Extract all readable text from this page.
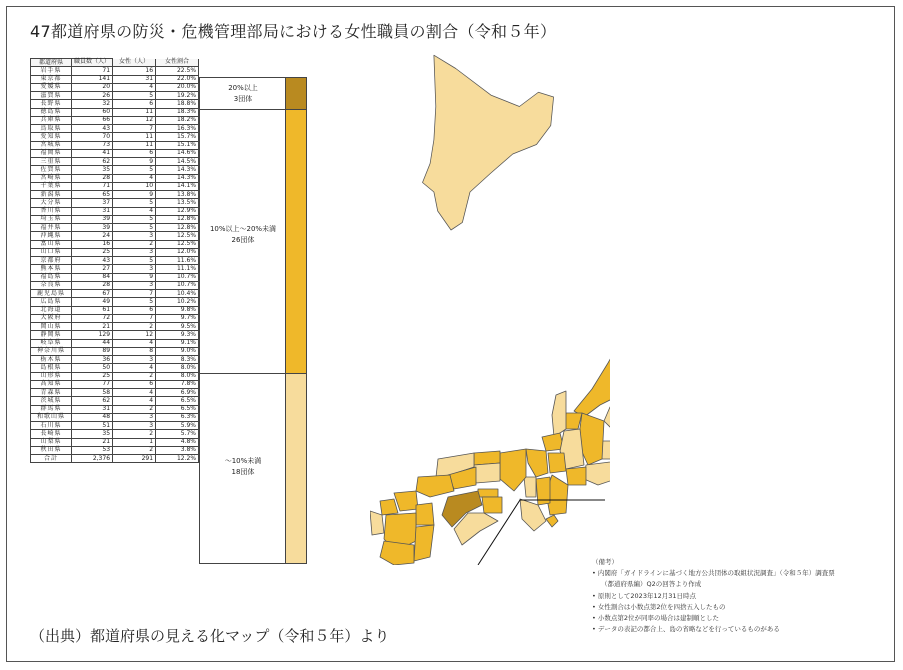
47都道府県の防災・危機管理部局における女性職員の割合（令和５年）
都道府県	職員数（人）	女性（人）	女性割合
岩手県	71	16	22.5%
東京都	141	31	22.0%
愛媛県	20	4	20.0%
滋賀県	26	5	19.2%
長野県	32	6	18.8%
徳島県	60	11	18.3%
兵庫県	66	12	18.2%
鳥取県	43	7	16.3%
愛知県	70	11	15.7%
宮城県	73	11	15.1%
福岡県	41	6	14.6%
三重県	62	9	14.5%
佐賀県	35	5	14.3%
宮崎県	28	4	14.3%
千葉県	71	10	14.1%
新潟県	65	9	13.8%
大分県	37	5	13.5%
香川県	31	4	12.9%
埼玉県	39	5	12.8%
福井県	39	5	12.8%
沖縄県	24	3	12.5%
富山県	16	2	12.5%
山口県	25	3	12.0%
京都府	43	5	11.6%
熊本県	27	3	11.1%
福島県	84	9	10.7%
奈良県	28	3	10.7%
鹿児島県	67	7	10.4%
広島県	49	5	10.2%
北海道	61	6	9.8%
大阪府	72	7	9.7%
岡山県	21	2	9.5%
静岡県	129	12	9.3%
岐阜県	44	4	9.1%
神奈川県	89	8	9.0%
栃木県	36	3	8.3%
島根県	50	4	8.0%
山形県	25	2	8.0%
高知県	77	6	7.8%
青森県	58	4	6.9%
茨城県	62	4	6.5%
群馬県	31	2	6.5%
和歌山県	48	3	6.3%
石川県	51	3	5.9%
長崎県	35	2	5.7%
山梨県	21	1	4.8%
秋田県	53	2	3.8%
合計	2,376	291	12.2%
20%以上
3団体
10%以上～20%未満
26団体
～10%未満
18団体
（備考）
• 内閣府「ガイドラインに基づく地方公共団体の取組状況調査」（令和５年）調査票
（都道府県編）Q2の回答より作成
• 原則として2023年12月31日時点
• 女性割合は小数点第2位を四捨五入したもの
• 小数点第2位が同率の場合は建制順とした
• データの表記の都合上、島の省略などを行っているものがある
（出典）都道府県の見える化マップ（令和５年）より
